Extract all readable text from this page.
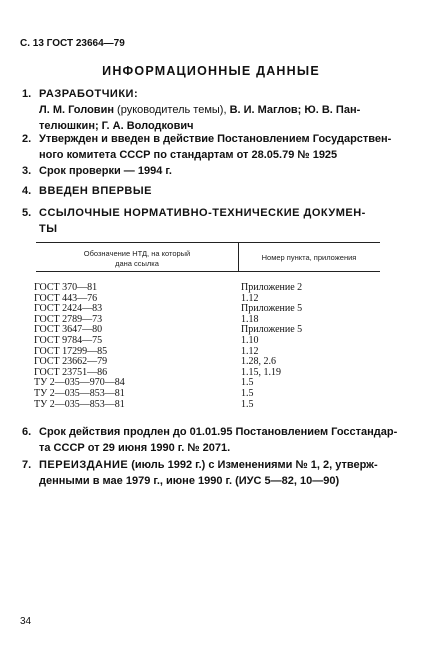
С. 13 ГОСТ 23664—79
ИНФОРМАЦИОННЫЕ ДАННЫЕ
1. РАЗРАБОТЧИКИ:
Л. М. Головин (руководитель темы), В. И. Маглов; Ю. В. Пан-
телюшкин; Г. А. Володкович
2. Утвержден и введен в действие Постановлением Государствен-
ного комитета СССР по стандартам от 28.05.79 № 1925
3. Срок проверки — 1994 г.
4. ВВЕДЕН ВПЕРВЫЕ
5. ССЫЛОЧНЫЕ НОРМАТИВНО-ТЕХНИЧЕСКИЕ ДОКУМЕН-
ТЫ
Обозначение НТД, на который
дана ссылка
Номер пункта, приложения
ГОСТ 370—81	Приложение 2
ГОСТ 443—76	1.12
ГОСТ 2424—83	Приложение 5
ГОСТ 2789—73	1.18
ГОСТ 3647—80	Приложение 5
ГОСТ 9784—75	1.10
ГОСТ 17299—85	1.12
ГОСТ 23662—79	1.28, 2.6
ГОСТ 23751—86	1.15, 1.19
ТУ 2—035—970—84	1.5
ТУ 2—035—853—81	1.5
ТУ 2—035—853—81	1.5
6. Срок действия продлен до 01.01.95 Постановлением Госстандар-
та СССР от 29 июня 1990 г. № 2071.
7. ПЕРЕИЗДАНИЕ (июль 1992 г.) с Изменениями № 1, 2, утверж-
денными в мае 1979 г., июне 1990 г. (ИУС 5—82, 10—90)
34
